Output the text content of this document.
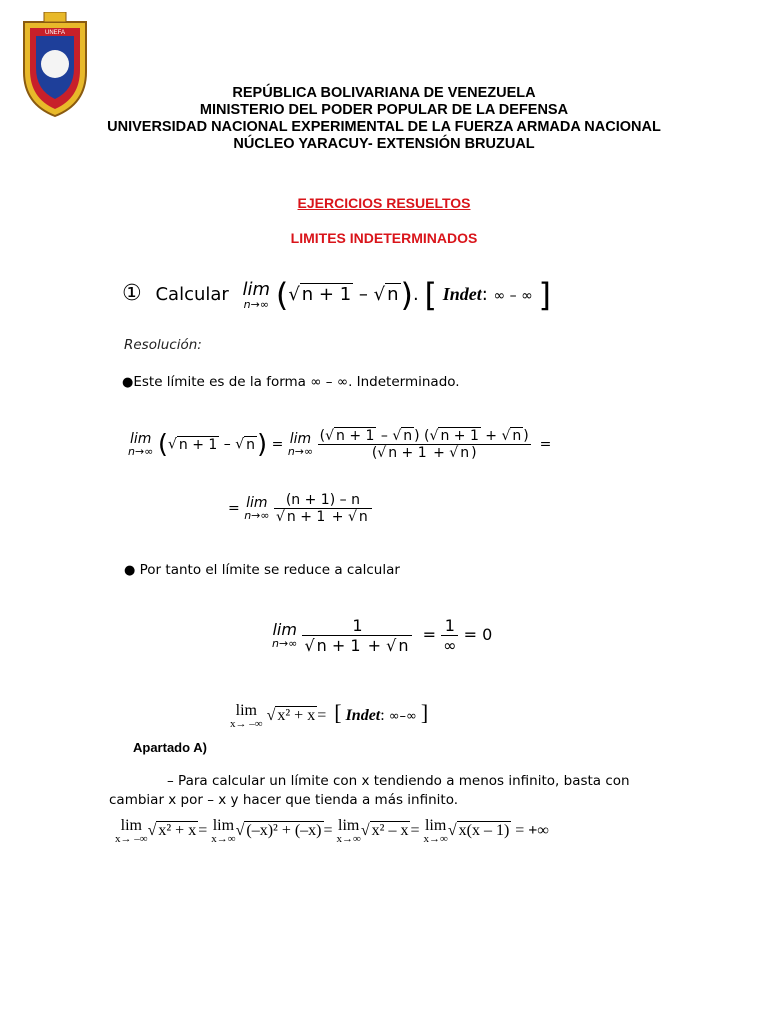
UNEFA
REPÚBLICA BOLIVARIANA DE VENEZUELA
MINISTERIO DEL PODER POPULAR DE LA DEFENSA
UNIVERSIDAD NACIONAL EXPERIMENTAL DE LA FUERZA ARMADA NACIONAL
NÚCLEO YARACUY- EXTENSIÓN BRUZUAL
EJERCICIOS RESUELTOS
LIMITES INDETERMINADOS
① Calcular lim
n→∞ (√ n + 1 – √ n). [ Indet: ∞ – ∞ ]
Resolución:
●Este límite es de la forma ∞ – ∞. Indeterminado.
lim
n→∞ (√ n + 1 – √ n) = lim
n→∞
$\frac{(√ n + 1 - √ n ) (√ n + 1 + √ n )}{(√ n + 1 + √ n )}$ =
= lim
n→∞
$\frac{(n + 1) - n}{√ n + 1 + √ n}$
● Por tanto el límite se reduce a calcular
lim
n→∞
$\frac{1}{√ n + 1 + √ n} = \frac{1}{\infty} = 0$
lim
x→ –∞ √ x² + x =  [ Indet: ∞–∞ ]
Apartado A)
– Para calcular un límite con x tendiendo a menos infinito, basta con cambiar x por – x y hacer que tienda a más infinito.
lim
x→ –∞ √ x² + x = lim
x→∞ √ (–x)² + (–x) = lim
x→∞ √ x² – x = lim
x→∞ √ x(x – 1) = +∞
